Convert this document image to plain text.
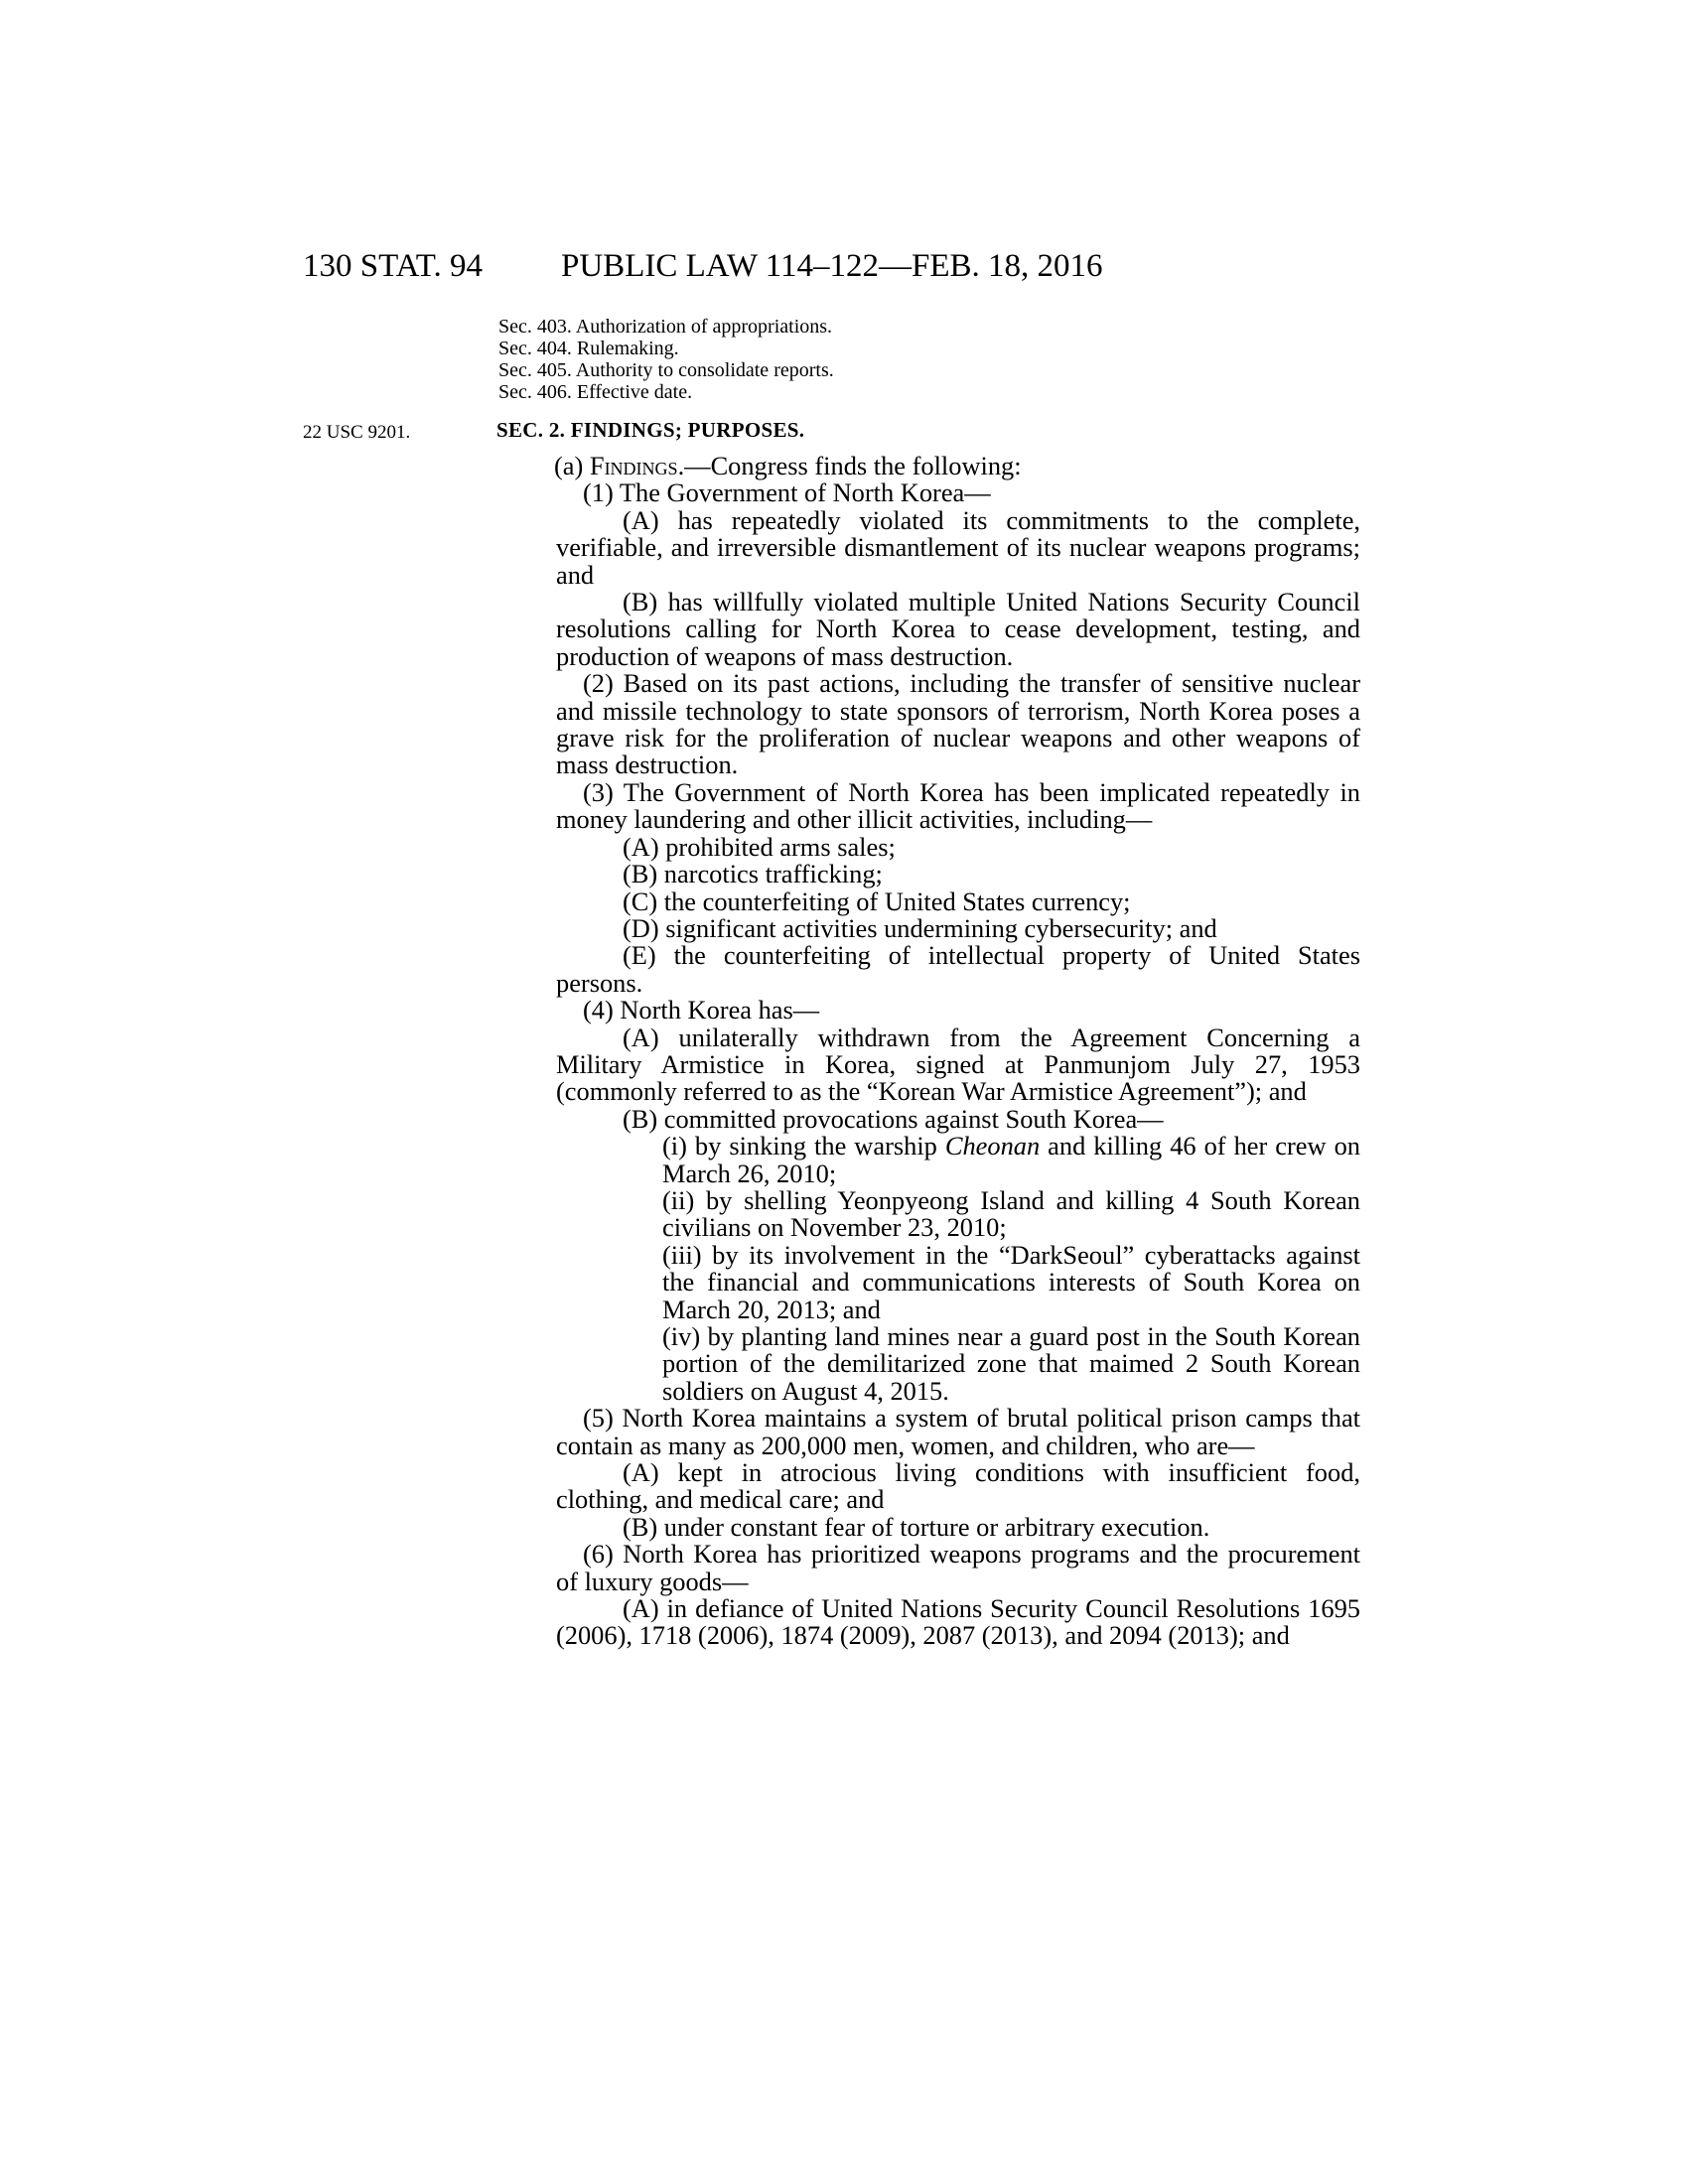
130 STAT. 94 PUBLIC LAW 114–122—FEB. 18, 2016
Sec. 403. Authorization of appropriations.
Sec. 404. Rulemaking.
Sec. 405. Authority to consolidate reports.
Sec. 406. Effective date.
22 USC 9201.	SEC. 2. FINDINGS; PURPOSES.

(a) Findings.—Congress finds the following:

(1) The Government of North Korea—

(A) has repeatedly violated its commitments to the complete, verifiable, and irreversible dismantlement of its nuclear weapons programs; and

(B) has willfully violated multiple United Nations Security Council resolutions calling for North Korea to cease development, testing, and production of weapons of mass destruction.

(2) Based on its past actions, including the transfer of sensitive nuclear and missile technology to state sponsors of terrorism, North Korea poses a grave risk for the proliferation of nuclear weapons and other weapons of mass destruction.

(3) The Government of North Korea has been implicated repeatedly in money laundering and other illicit activities, including—

(A) prohibited arms sales;

(B) narcotics trafficking;

(C) the counterfeiting of United States currency;

(D) significant activities undermining cybersecurity; and

(E) the counterfeiting of intellectual property of United States persons.

(4) North Korea has—

(A) unilaterally withdrawn from the Agreement Concerning a Military Armistice in Korea, signed at Panmunjom July 27, 1953 (commonly referred to as the “Korean War Armistice Agreement”); and

(B) committed provocations against South Korea—

(i) by sinking the warship Cheonan and killing 46 of her crew on March 26, 2010;

(ii) by shelling Yeonpyeong Island and killing 4 South Korean civilians on November 23, 2010;

(iii) by its involvement in the “DarkSeoul” cyberattacks against the financial and communications interests of South Korea on March 20, 2013; and

(iv) by planting land mines near a guard post in the South Korean portion of the demilitarized zone that maimed 2 South Korean soldiers on August 4, 2015.

(5) North Korea maintains a system of brutal political prison camps that contain as many as 200,000 men, women, and children, who are—

(A) kept in atrocious living conditions with insufficient food, clothing, and medical care; and

(B) under constant fear of torture or arbitrary execution.

(6) North Korea has prioritized weapons programs and the procurement of luxury goods—

(A) in defiance of United Nations Security Council Resolutions 1695 (2006), 1718 (2006), 1874 (2009), 2087 (2013), and 2094 (2013); and
